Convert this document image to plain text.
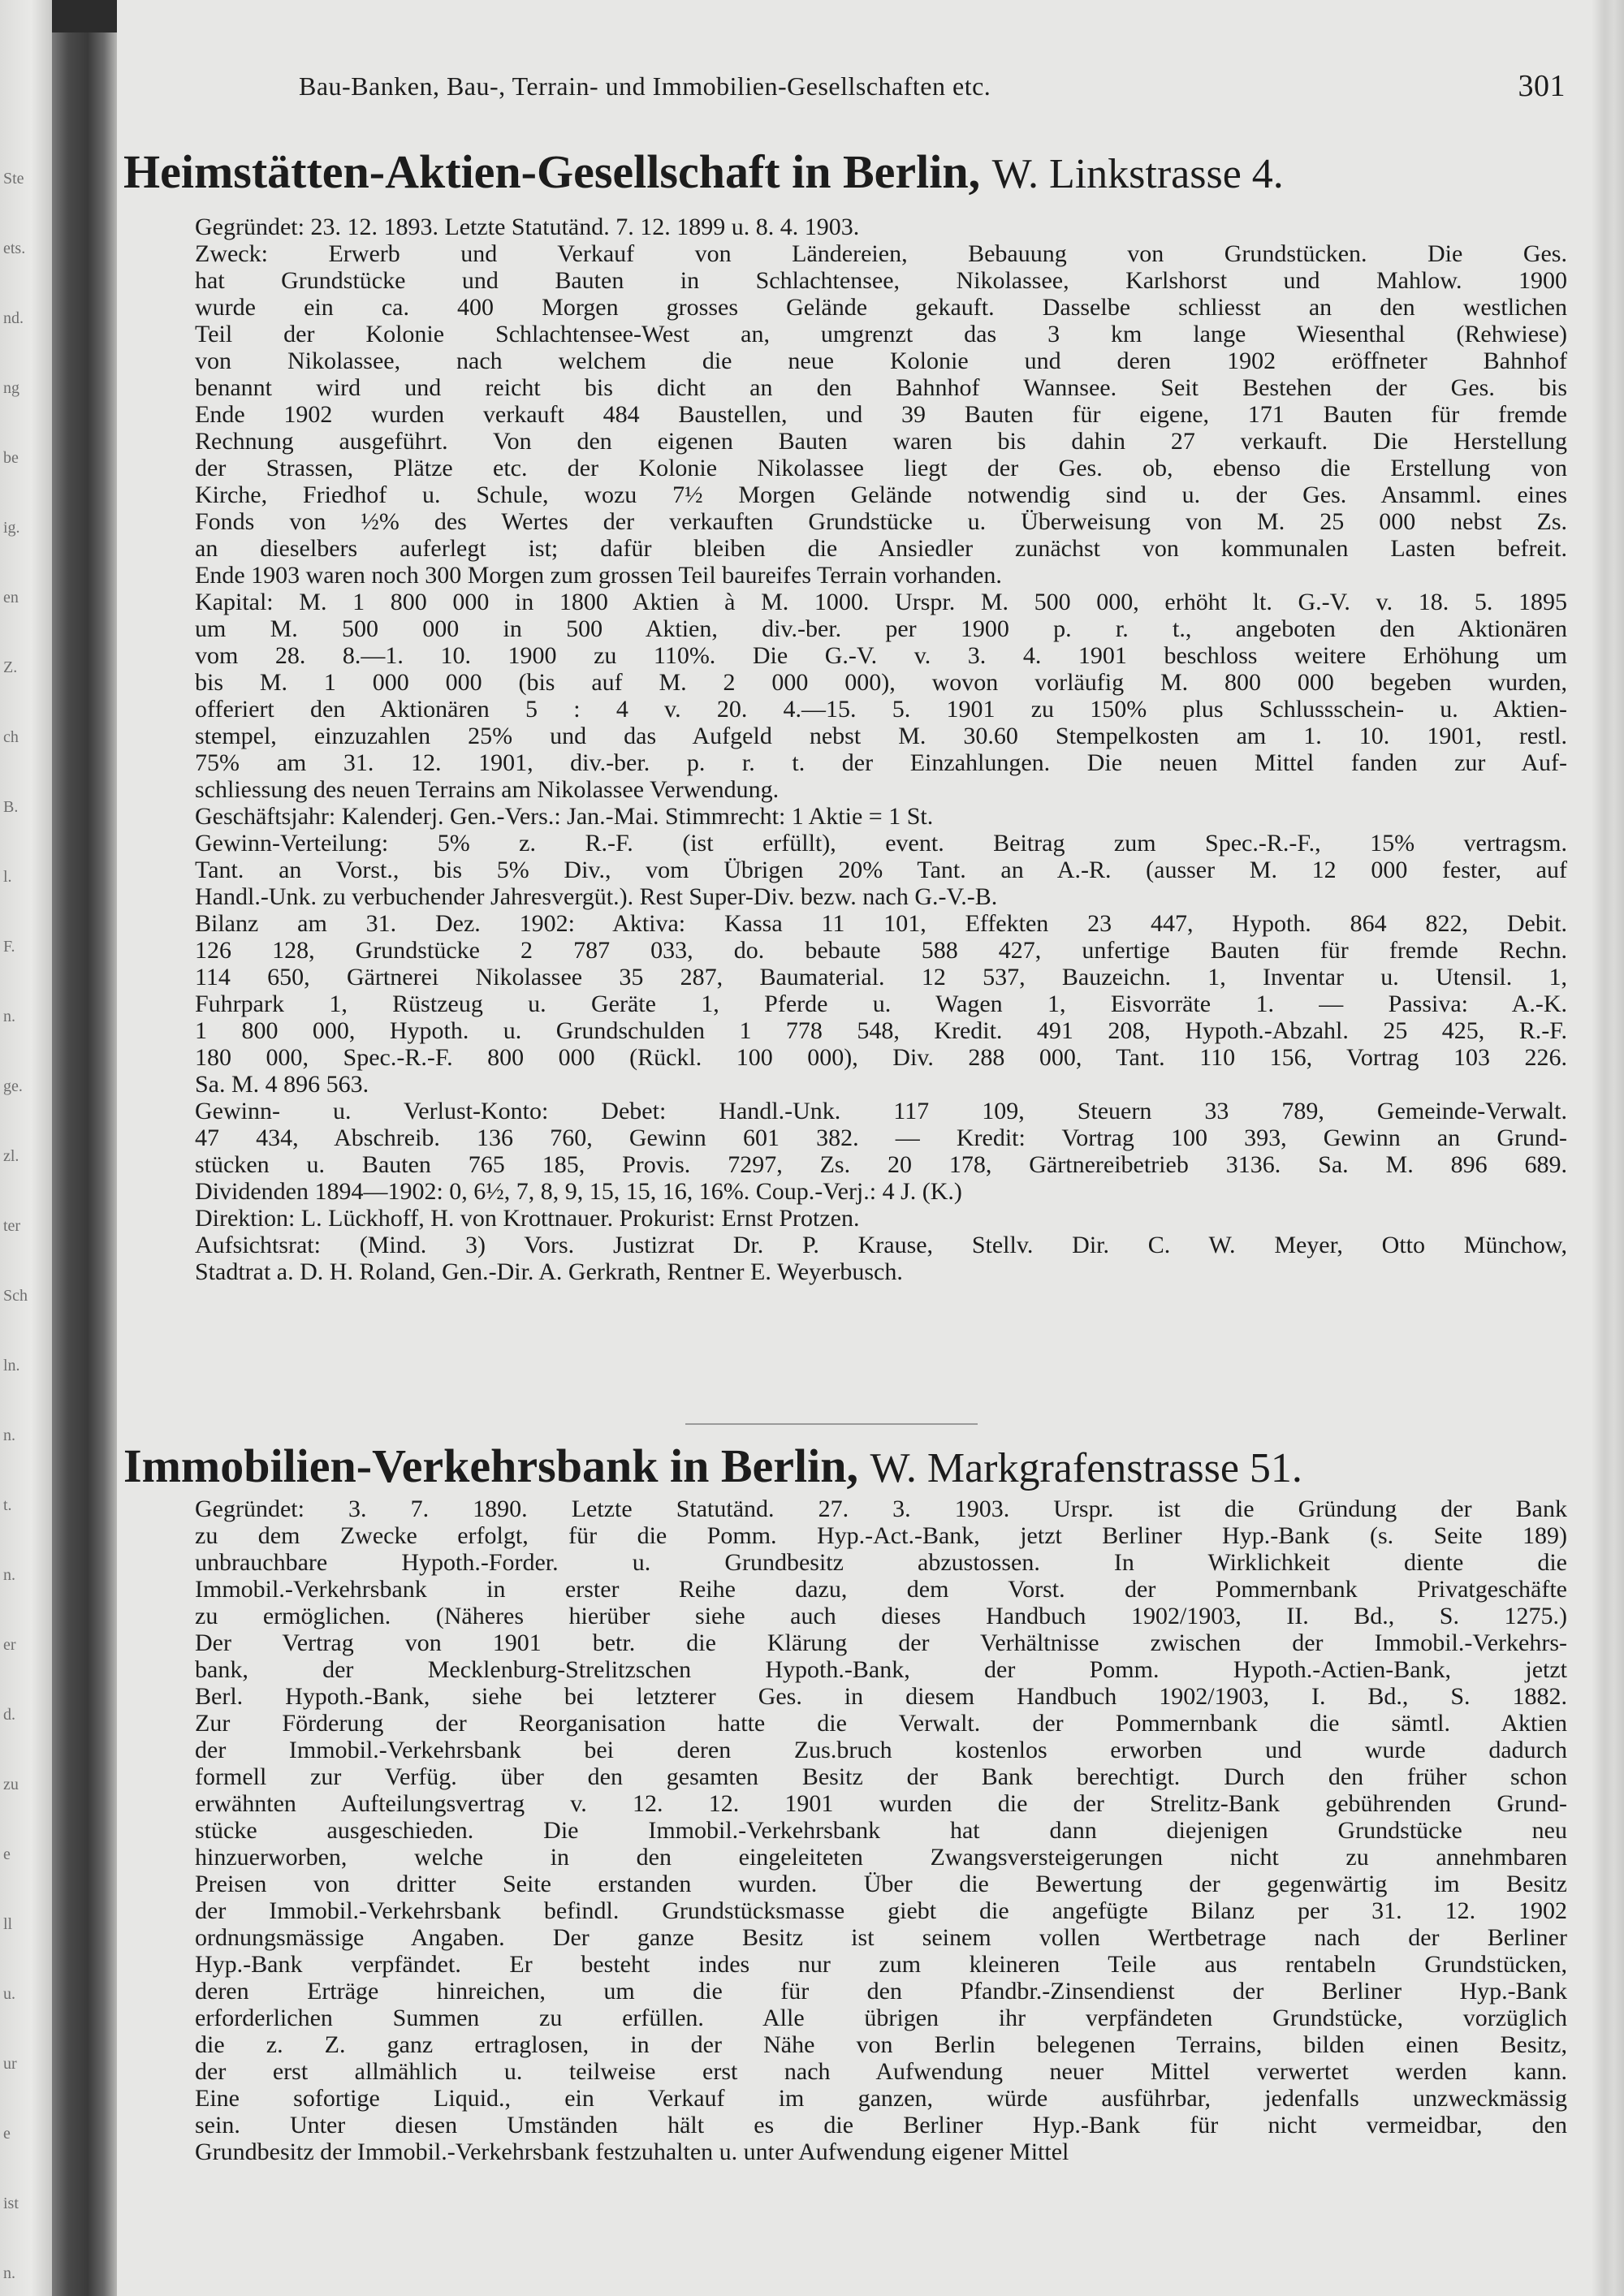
Ste
ets.
nd.
ng
be
ig.
en
Z.
ch
B.
l.
F.
n.
ge.
zl.
ter
Sch
ln.
n.
t.
n.
er
d.
zu
e
ll
u.
ur
e
ist
n.
Bau-Banken, Bau-, Terrain- und Immobilien-Gesellschaften etc.	301
Heimstätten-Aktien-Gesellschaft in Berlin, W. Linkstrasse 4.
Gegründet: 23. 12. 1893. Letzte Statutänd. 7. 12. 1899 u. 8. 4. 1903.
Zweck: Erwerb und Verkauf von Ländereien, Bebauung von Grundstücken. Die Ges.
hat Grundstücke und Bauten in Schlachtensee, Nikolassee, Karlshorst und Mahlow. 1900
wurde ein ca. 400 Morgen grosses Gelände gekauft. Dasselbe schliesst an den westlichen
Teil der Kolonie Schlachtensee-West an, umgrenzt das 3 km lange Wiesenthal (Rehwiese)
von Nikolassee, nach welchem die neue Kolonie und deren 1902 eröffneter Bahnhof
benannt wird und reicht bis dicht an den Bahnhof Wannsee. Seit Bestehen der Ges. bis
Ende 1902 wurden verkauft 484 Baustellen, und 39 Bauten für eigene, 171 Bauten für fremde
Rechnung ausgeführt. Von den eigenen Bauten waren bis dahin 27 verkauft. Die Herstellung
der Strassen, Plätze etc. der Kolonie Nikolassee liegt der Ges. ob, ebenso die Erstellung von
Kirche, Friedhof u. Schule, wozu 7½ Morgen Gelände notwendig sind u. der Ges. Ansamml. eines
Fonds von ½% des Wertes der verkauften Grundstücke u. Überweisung von M. 25 000 nebst Zs.
an dieselbers auferlegt ist; dafür bleiben die Ansiedler zunächst von kommunalen Lasten befreit.
Ende 1903 waren noch 300 Morgen zum grossen Teil baureifes Terrain vorhanden.
Kapital: M. 1 800 000 in 1800 Aktien à M. 1000. Urspr. M. 500 000, erhöht lt. G.-V. v. 18. 5. 1895
um M. 500 000 in 500 Aktien, div.-ber. per 1900 p. r. t., angeboten den Aktionären
vom 28. 8.—1. 10. 1900 zu 110%. Die G.-V. v. 3. 4. 1901 beschloss weitere Erhöhung um
bis M. 1 000 000 (bis auf M. 2 000 000), wovon vorläufig M. 800 000 begeben wurden,
offeriert den Aktionären 5 : 4 v. 20. 4.—15. 5. 1901 zu 150% plus Schlussschein- u. Aktien-
stempel, einzuzahlen 25% und das Aufgeld nebst M. 30.60 Stempelkosten am 1. 10. 1901, restl.
75% am 31. 12. 1901, div.-ber. p. r. t. der Einzahlungen. Die neuen Mittel fanden zur Auf-
schliessung des neuen Terrains am Nikolassee Verwendung.
Geschäftsjahr: Kalenderj. Gen.-Vers.: Jan.-Mai. Stimmrecht: 1 Aktie = 1 St.
Gewinn-Verteilung: 5% z. R.-F. (ist erfüllt), event. Beitrag zum Spec.-R.-F., 15% vertragsm.
Tant. an Vorst., bis 5% Div., vom Übrigen 20% Tant. an A.-R. (ausser M. 12 000 fester, auf
Handl.-Unk. zu verbuchender Jahresvergüt.). Rest Super-Div. bezw. nach G.-V.-B.
Bilanz am 31. Dez. 1902: Aktiva: Kassa 11 101, Effekten 23 447, Hypoth. 864 822, Debit.
126 128, Grundstücke 2 787 033, do. bebaute 588 427, unfertige Bauten für fremde Rechn.
114 650, Gärtnerei Nikolassee 35 287, Baumaterial. 12 537, Bauzeichn. 1, Inventar u. Utensil. 1,
Fuhrpark 1, Rüstzeug u. Geräte 1, Pferde u. Wagen 1, Eisvorräte 1. — Passiva: A.-K.
1 800 000, Hypoth. u. Grundschulden 1 778 548, Kredit. 491 208, Hypoth.-Abzahl. 25 425, R.-F.
180 000, Spec.-R.-F. 800 000 (Rückl. 100 000), Div. 288 000, Tant. 110 156, Vortrag 103 226.
Sa. M. 4 896 563.
Gewinn- u. Verlust-Konto: Debet: Handl.-Unk. 117 109, Steuern 33 789, Gemeinde-Verwalt.
47 434, Abschreib. 136 760, Gewinn 601 382. — Kredit: Vortrag 100 393, Gewinn an Grund-
stücken u. Bauten 765 185, Provis. 7297, Zs. 20 178, Gärtnereibetrieb 3136. Sa. M. 896 689.
Dividenden 1894—1902: 0, 6½, 7, 8, 9, 15, 15, 16, 16%. Coup.-Verj.: 4 J. (K.)
Direktion: L. Lückhoff, H. von Krottnauer. Prokurist: Ernst Protzen.
Aufsichtsrat: (Mind. 3) Vors. Justizrat Dr. P. Krause, Stellv. Dir. C. W. Meyer, Otto Münchow,
Stadtrat a. D. H. Roland, Gen.-Dir. A. Gerkrath, Rentner E. Weyerbusch.
Immobilien-Verkehrsbank in Berlin, W. Markgrafenstrasse 51.
Gegründet: 3. 7. 1890. Letzte Statutänd. 27. 3. 1903. Urspr. ist die Gründung der Bank
zu dem Zwecke erfolgt, für die Pomm. Hyp.-Act.-Bank, jetzt Berliner Hyp.-Bank (s. Seite 189)
unbrauchbare Hypoth.-Forder. u. Grundbesitz abzustossen. In Wirklichkeit diente die
Immobil.-Verkehrsbank in erster Reihe dazu, dem Vorst. der Pommernbank Privatgeschäfte
zu ermöglichen. (Näheres hierüber siehe auch dieses Handbuch 1902/1903, II. Bd., S. 1275.)
Der Vertrag von 1901 betr. die Klärung der Verhältnisse zwischen der Immobil.-Verkehrs-
bank, der Mecklenburg-Strelitzschen Hypoth.-Bank, der Pomm. Hypoth.-Actien-Bank, jetzt
Berl. Hypoth.-Bank, siehe bei letzterer Ges. in diesem Handbuch 1902/1903, I. Bd., S. 1882.
Zur Förderung der Reorganisation hatte die Verwalt. der Pommernbank die sämtl. Aktien
der Immobil.-Verkehrsbank bei deren Zus.bruch kostenlos erworben und wurde dadurch
formell zur Verfüg. über den gesamten Besitz der Bank berechtigt. Durch den früher schon
erwähnten Aufteilungsvertrag v. 12. 12. 1901 wurden die der Strelitz-Bank gebührenden Grund-
stücke ausgeschieden. Die Immobil.-Verkehrsbank hat dann diejenigen Grundstücke neu
hinzuerworben, welche in den eingeleiteten Zwangsversteigerungen nicht zu annehmbaren
Preisen von dritter Seite erstanden wurden. Über die Bewertung der gegenwärtig im Besitz
der Immobil.-Verkehrsbank befindl. Grundstücksmasse giebt die angefügte Bilanz per 31. 12. 1902
ordnungsmässige Angaben. Der ganze Besitz ist seinem vollen Wertbetrage nach der Berliner
Hyp.-Bank verpfändet. Er besteht indes nur zum kleineren Teile aus rentabeln Grundstücken,
deren Erträge hinreichen, um die für den Pfandbr.-Zinsendienst der Berliner Hyp.-Bank
erforderlichen Summen zu erfüllen. Alle übrigen ihr verpfändeten Grundstücke, vorzüglich
die z. Z. ganz ertraglosen, in der Nähe von Berlin belegenen Terrains, bilden einen Besitz,
der erst allmählich u. teilweise erst nach Aufwendung neuer Mittel verwertet werden kann.
Eine sofortige Liquid., ein Verkauf im ganzen, würde ausführbar, jedenfalls unzweckmässig
sein. Unter diesen Umständen hält es die Berliner Hyp.-Bank für nicht vermeidbar, den
Grundbesitz der Immobil.-Verkehrsbank festzuhalten u. unter Aufwendung eigener Mittel
